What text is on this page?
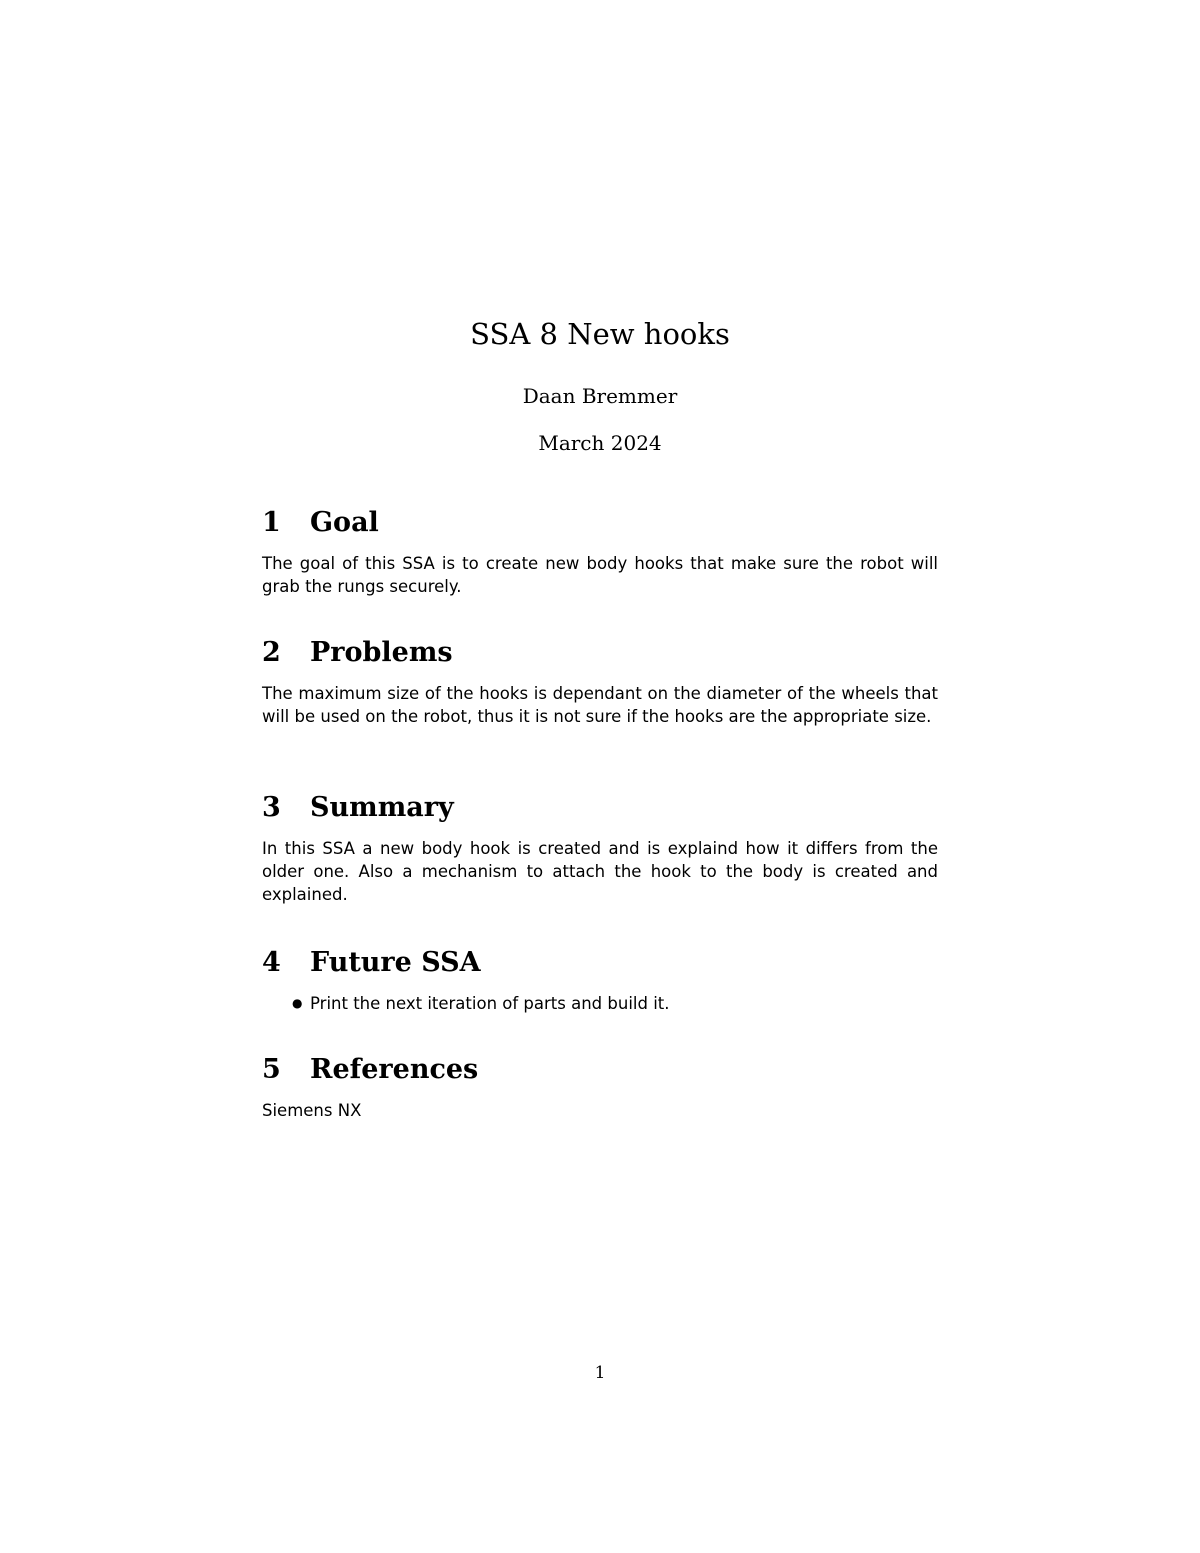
SSA 8 New hooks
Daan Bremmer
March 2024
1	Goal

The goal of this SSA is to create new body hooks that make sure the robot will grab the rungs securely.

2	Problems

The maximum size of the hooks is dependant on the diameter of the wheels that will be used on the robot, thus it is not sure if the hooks are the appropriate size.

3	Summary

In this SSA a new body hook is created and is explaind how it differs from the older one. Also a mechanism to attach the hook to the body is created and explained.

4	Future SSA
● Print the next iteration of parts and build it.
5	References

Siemens NX

1
